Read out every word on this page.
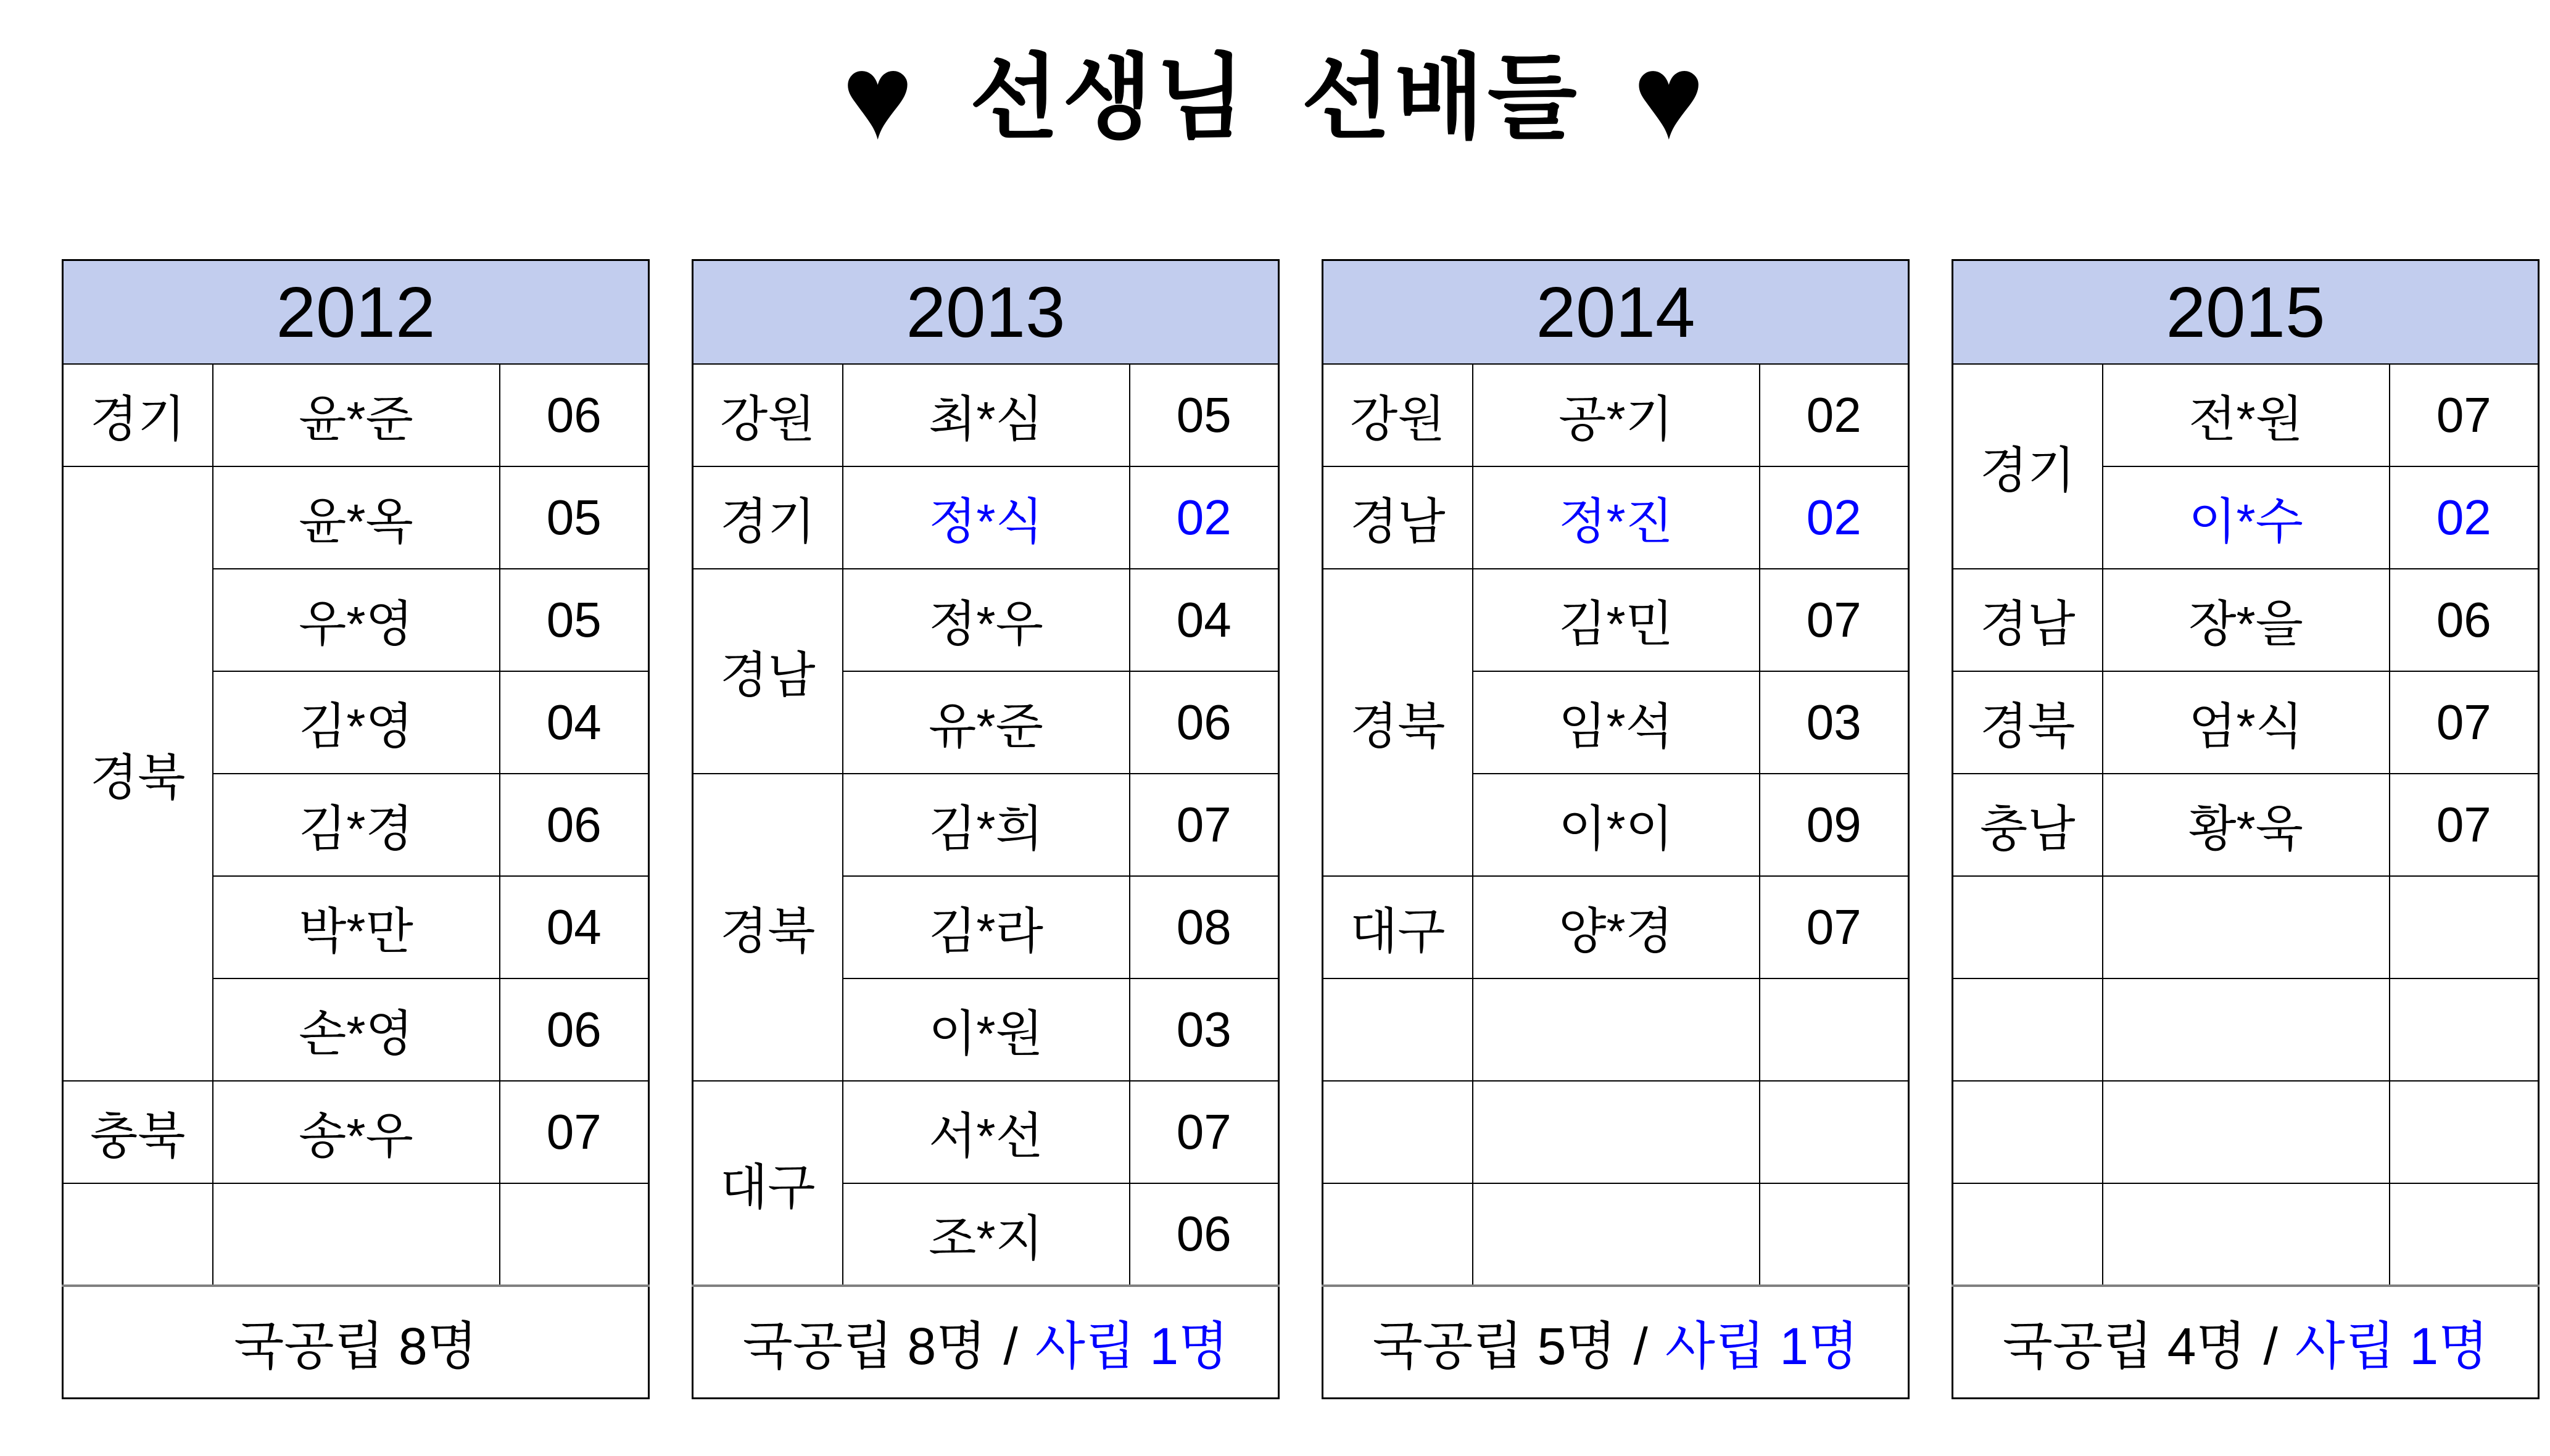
♥ 선생님 선배들 ♥
2012		
경기	윤*준	06
경북	윤*옥	05
	우*영	05
	김*영	04
	김*경	06
	박*만	04
	손*영	06
충북	송*우	07

국공립 8명		
2013		
강원	최*심	05
경기	정*식	02
경남	정*우	04
	유*준	06
경북	김*희	07
	김*라	08
	이*원	03
대구	서*선	07
	조*지	06

국공립 8명 / 사립 1명		
2014		
강원	공*기	02
경남	정*진	02
경북	김*민	07
	임*석	03
	이*이	09
대구	양*경	07

국공립 5명 / 사립 1명		
2015		
경기	전*원	07
	이*수	02
경남	장*을	06
경북	엄*식	07
충남	황*욱	07

국공립 4명 / 사립 1명		
